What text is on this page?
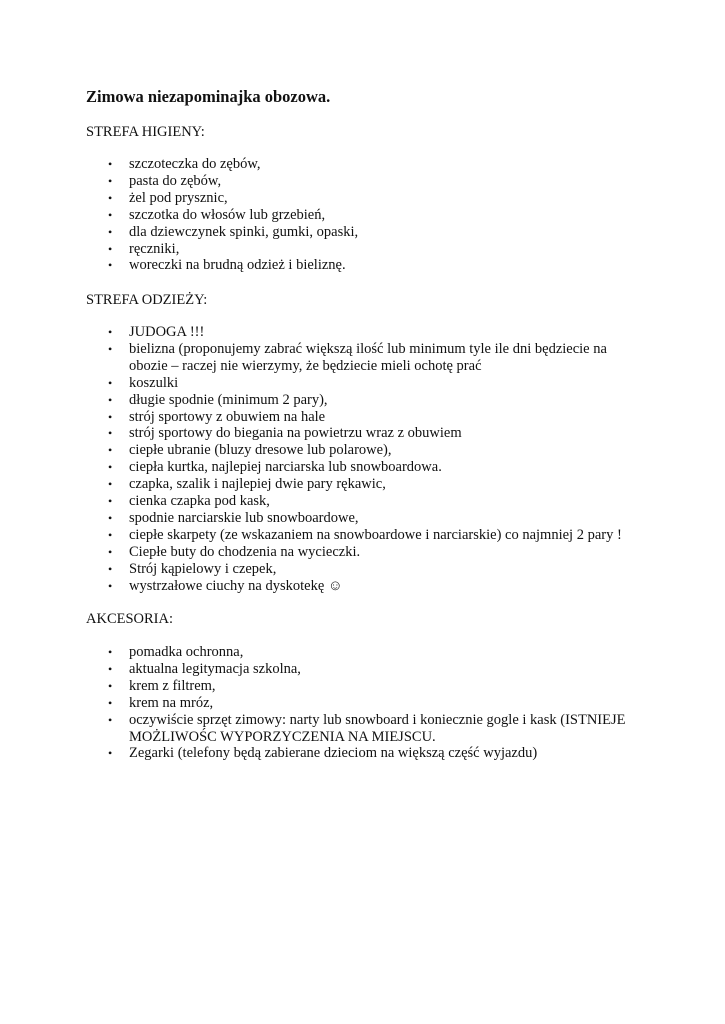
Zimowa niezapominajka obozowa.

STREFA HIGIENY:

• szczoteczka do zębów,
• pasta do zębów,
• żel pod prysznic,
• szczotka do włosów lub grzebień,
• dla dziewczynek spinki, gumki, opaski,
• ręczniki,
• woreczki na brudną odzież i bieliznę.

STREFA ODZIEŻY:

• JUDOGA !!!
• bielizna (proponujemy zabrać większą ilość lub minimum tyle ile dni będziecie na obozie – raczej nie wierzymy, że będziecie mieli ochotę prać
• koszulki
• długie spodnie (minimum 2 pary),
• strój sportowy z obuwiem na hale
• strój sportowy do biegania na powietrzu wraz z obuwiem
• ciepłe ubranie (bluzy dresowe lub polarowe),
• ciepła kurtka, najlepiej narciarska lub snowboardowa.
• czapka, szalik i najlepiej dwie pary rękawic,
• cienka czapka pod kask,
• spodnie narciarskie lub snowboardowe,
• ciepłe skarpety (ze wskazaniem na snowboardowe i narciarskie) co najmniej 2 pary !
• Ciepłe buty do chodzenia na wycieczki.
• Strój kąpielowy i czepek,
• wystrzałowe ciuchy na dyskotekę ☺

AKCESORIA:

• pomadka ochronna,
• aktualna legitymacja szkolna,
• krem z filtrem,
• krem na mróz,
• oczywiście sprzęt zimowy: narty lub snowboard i koniecznie gogle i kask (ISTNIEJE MOŻLIWOŚC WYPORZYCZENIA NA MIEJSCU.
• Zegarki (telefony będą zabierane dzieciom na większą część wyjazdu)
